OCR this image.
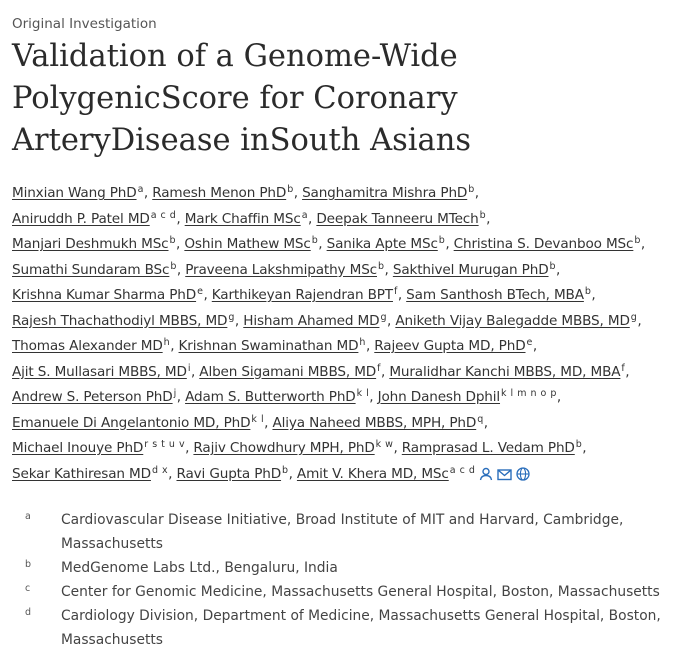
Original Investigation
Validation of a Genome-Wide PolygenicScore for Coronary ArteryDisease inSouth Asians
Minxian Wang PhD$^a$, Ramesh Menon PhD$^b$, Sanghamitra Mishra PhD$^b$,
Aniruddh P. Patel $MD^{a c d}$, Mark Chaffin MSc$^a$, Deepak Tanneeru MTech$^b$,
Manjari Deshmukh MSc$^b$, Oshin Mathew MSc$^b$, Sanika Apte MSc$^b$, Christina S. Devanboo MSc$^b$,
Sumathi Sundaram BSc$^b$, Praveena Lakshmipathy MSc$^b$, Sakthivel Murugan PhD$^b$,
Krishna Kumar Sharma PhD$^e$, Karthikeyan Rajendran BPT$^f$, Sam Santhosh BTech, MBA$^b$,
Rajesh Thachathodiyl MBBS, $MD^g$, Hisham Ahamed $MD^g$, Aniketh Vijay Balegadde MBBS, $MD^g$,
Thomas Alexander $MD^h$, Krishnan Swaminathan $MD^h$, Rajeev Gupta MD, PhD$^e$,
Ajit S. Mullasari MBBS, $MD^i$, Alben Sigamani MBBS, $MD^f$, Muralidhar Kanchi MBBS, MD, MBA$^f$,
Andrew S. Peterson PhD$^j$, Adam S. Butterworth PhD$^{k l}$, John Danesh Dphil$^{k l m n o p}$,
Emanuele Di Angelantonio MD, PhD$^{k l}$, Aliya Naheed MBBS, MPH, PhD$^q$,
Michael Inouye PhD$^{r s t u v}$, Rajiv Chowdhury MPH, PhD$^{k w}$, Ramprasad L. Vedam PhD$^b$,
Sekar Kathiresan $MD^{d x}$, Ravi Gupta PhD$^b$, Amit V. Khera MD, MSc$^{a c d}$
a	Cardiovascular Disease Initiative, Broad Institute of MIT and Harvard, Cambridge, Massachusetts
b	MedGenome Labs Ltd., Bengaluru, India
c	Center for Genomic Medicine, Massachusetts General Hospital, Boston, Massachusetts
d	Cardiology Division, Department of Medicine, Massachusetts General Hospital, Boston, Massachusetts
